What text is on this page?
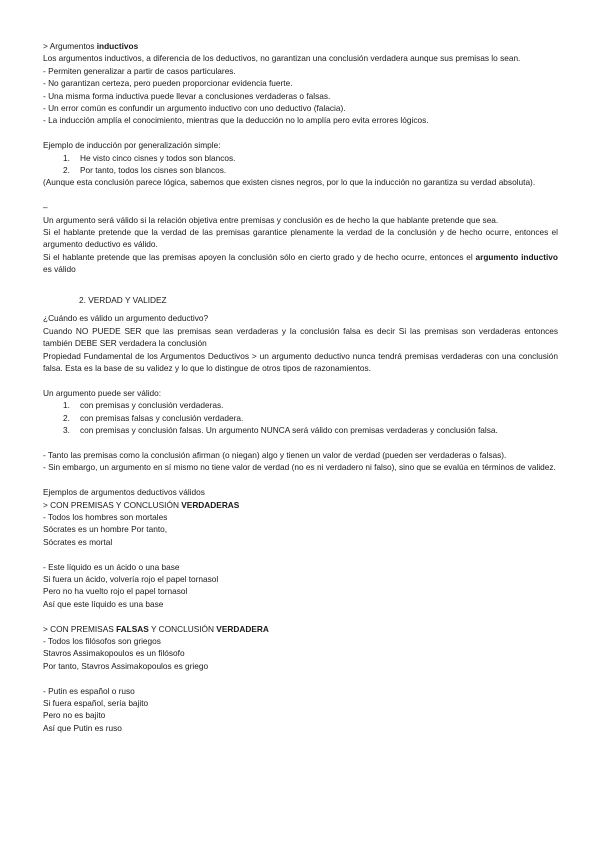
> Argumentos inductivos

Los argumentos inductivos, a diferencia de los deductivos, no garantizan una conclusión verdadera aunque sus premisas lo sean.

- Permiten generalizar a partir de casos particulares.

- No garantizan certeza, pero pueden proporcionar evidencia fuerte.

- Una misma forma inductiva puede llevar a conclusiones verdaderas o falsas.

- Un error común es confundir un argumento inductivo con uno deductivo (falacia).

- La inducción amplía el conocimiento, mientras que la deducción no lo amplía pero evita errores lógicos.

Ejemplo de inducción por generalización simple:

1. He visto cinco cisnes y todos son blancos.
2. Por tanto, todos los cisnes son blancos.

(Aunque esta conclusión parece lógica, sabemos que existen cisnes negros, por lo que la inducción no garantiza su verdad absoluta).

–

Un argumento será válido si la relación objetiva entre premisas y conclusión es de hecho la que hablante pretende que sea.

Si el hablante pretende que la verdad de las premisas garantice plenamente la verdad de la conclusión y de hecho ocurre, entonces el argumento deductivo es válido.

Si el hablante pretende que las premisas apoyen la conclusión sólo en cierto grado y de hecho ocurre, entonces el argumento inductivo es válido

2. VERDAD Y VALIDEZ

¿Cuándo es válido un argumento deductivo?

Cuando NO PUEDE SER que las premisas sean verdaderas y la conclusión falsa es decir Si las premisas son verdaderas entonces también DEBE SER verdadera la conclusión

Propiedad Fundamental de los Argumentos Deductivos > un argumento deductivo nunca tendrá premisas verdaderas con una conclusión falsa. Esta es la base de su validez y lo que lo distingue de otros tipos de razonamientos.

Un argumento puede ser válido:

1. con premisas y conclusión verdaderas.
2. con premisas falsas y conclusión verdadera.
3. con premisas y conclusión falsas. Un argumento NUNCA será válido con premisas verdaderas y conclusión falsa.

- Tanto las premisas como la conclusión afirman (o niegan) algo y tienen un valor de verdad (pueden ser verdaderas o falsas).

- Sin embargo, un argumento en sí mismo no tiene valor de verdad (no es ni verdadero ni falso), sino que se evalúa en términos de validez.

Ejemplos de argumentos deductivos válidos

> CON PREMISAS Y CONCLUSIÓN VERDADERAS

- Todos los hombres son mortales

Sócrates es un hombre Por tanto,

Sócrates es mortal

- Este líquido es un ácido o una base

Si fuera un ácido, volvería rojo el papel tornasol

Pero no ha vuelto rojo el papel tornasol

Así que este líquido es una base

> CON PREMISAS FALSAS Y CONCLUSIÓN VERDADERA

- Todos los filósofos son griegos

Stavros Assimakopoulos es un filósofo

Por tanto, Stavros Assimakopoulos es griego

- Putin es español o ruso

Si fuera español, sería bajito

Pero no es bajito

Así que Putin es ruso
